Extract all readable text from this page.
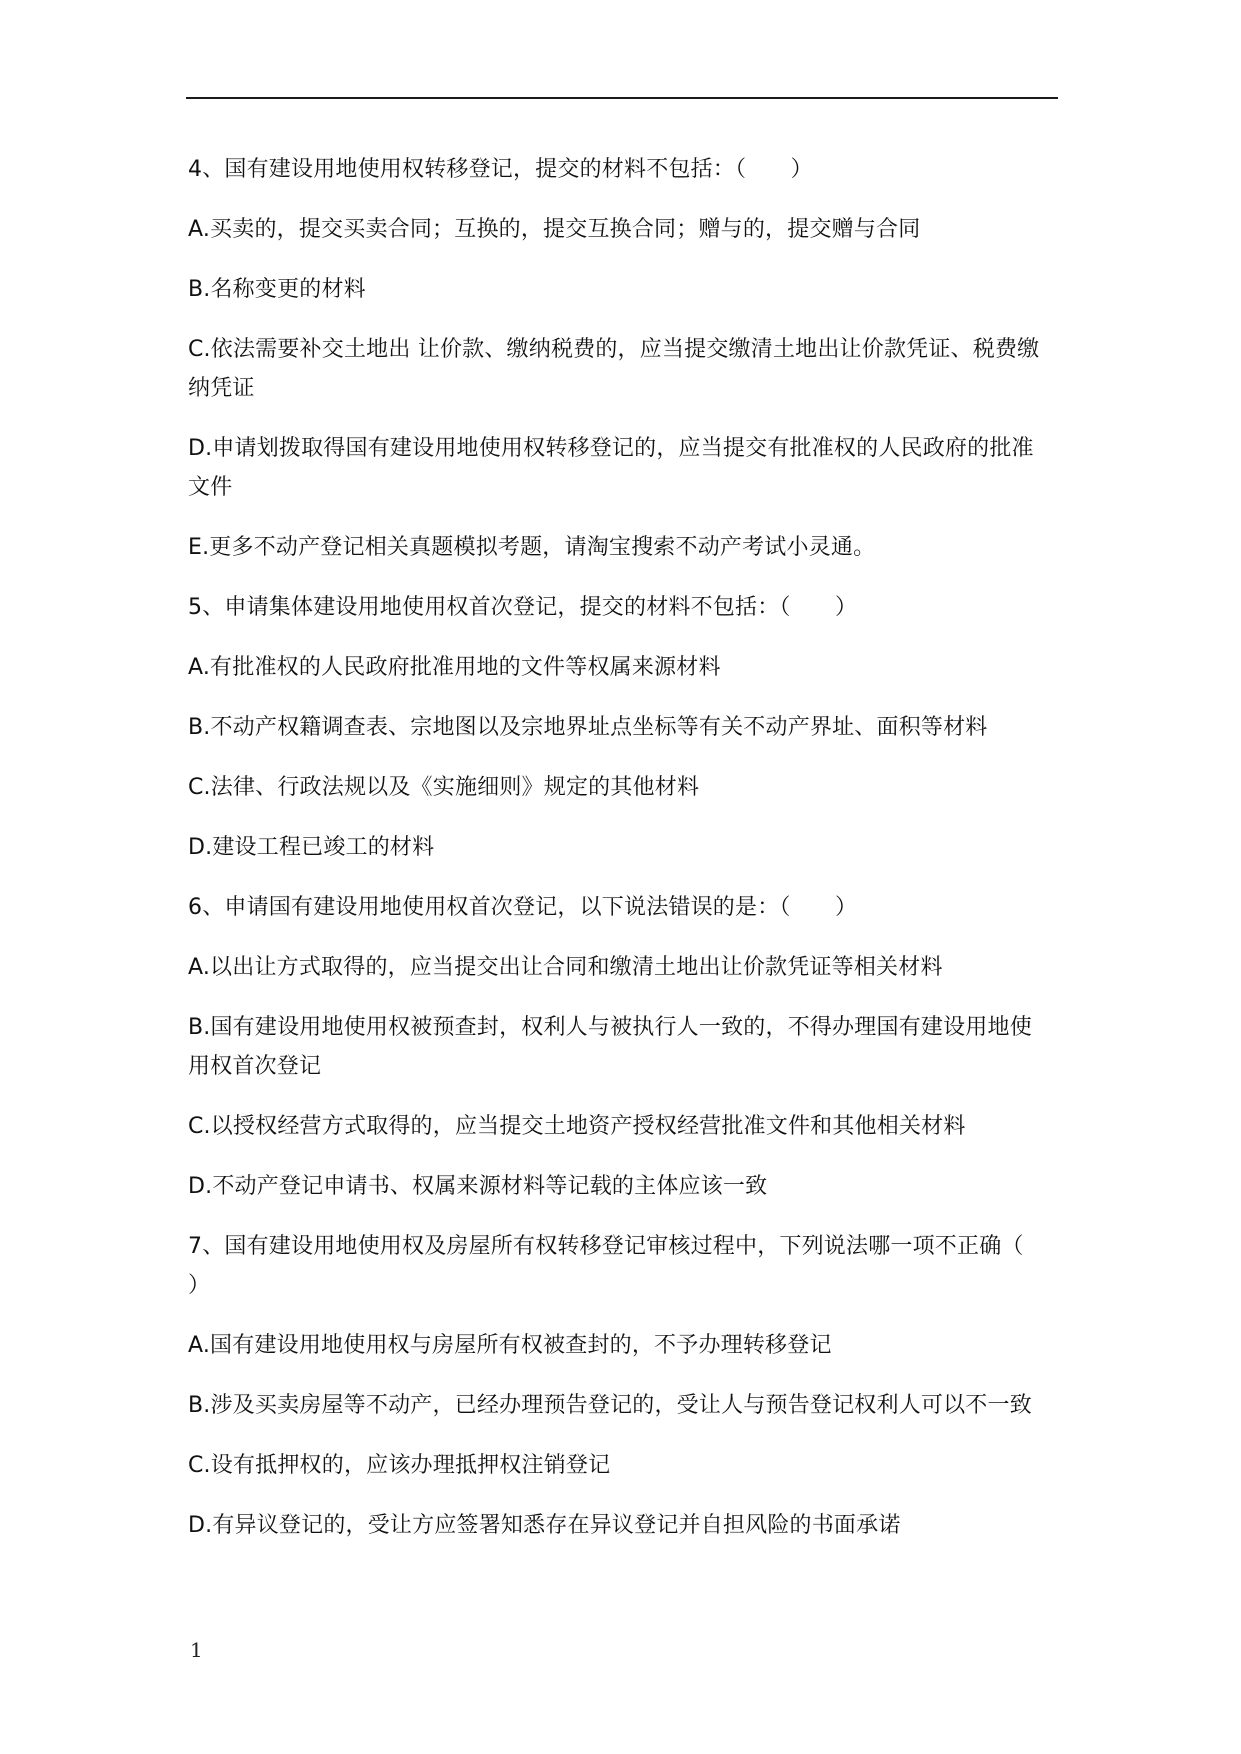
4、国有建设用地使用权转移登记，提交的材料不包括：（　　）

A.买卖的，提交买卖合同；互换的，提交互换合同；赠与的，提交赠与合同

B.名称变更的材料

C.依法需要补交土地出 让价款、缴纳税费的，应当提交缴清土地出让价款凭证、税费缴纳凭证

D.申请划拨取得国有建设用地使用权转移登记的，应当提交有批准权的人民政府的批准文件

E.更多不动产登记相关真题模拟考题，请淘宝搜索不动产考试小灵通。

5、申请集体建设用地使用权首次登记，提交的材料不包括：（　　）

A.有批准权的人民政府批准用地的文件等权属来源材料

B.不动产权籍调查表、宗地图以及宗地界址点坐标等有关不动产界址、面积等材料

C.法律、行政法规以及《实施细则》规定的其他材料

D.建设工程已竣工的材料

6、申请国有建设用地使用权首次登记，以下说法错误的是：（　　）

A.以出让方式取得的，应当提交出让合同和缴清土地出让价款凭证等相关材料

B.国有建设用地使用权被预查封，权利人与被执行人一致的，不得办理国有建设用地使用权首次登记

C.以授权经营方式取得的，应当提交土地资产授权经营批准文件和其他相关材料

D.不动产登记申请书、权属来源材料等记载的主体应该一致

7、国有建设用地使用权及房屋所有权转移登记审核过程中，下列说法哪一项不正确（　　）

A.国有建设用地使用权与房屋所有权被查封的，不予办理转移登记

B.涉及买卖房屋等不动产，已经办理预告登记的，受让人与预告登记权利人可以不一致

C.设有抵押权的，应该办理抵押权注销登记

D.有异议登记的，受让方应签署知悉存在异议登记并自担风险的书面承诺

1
